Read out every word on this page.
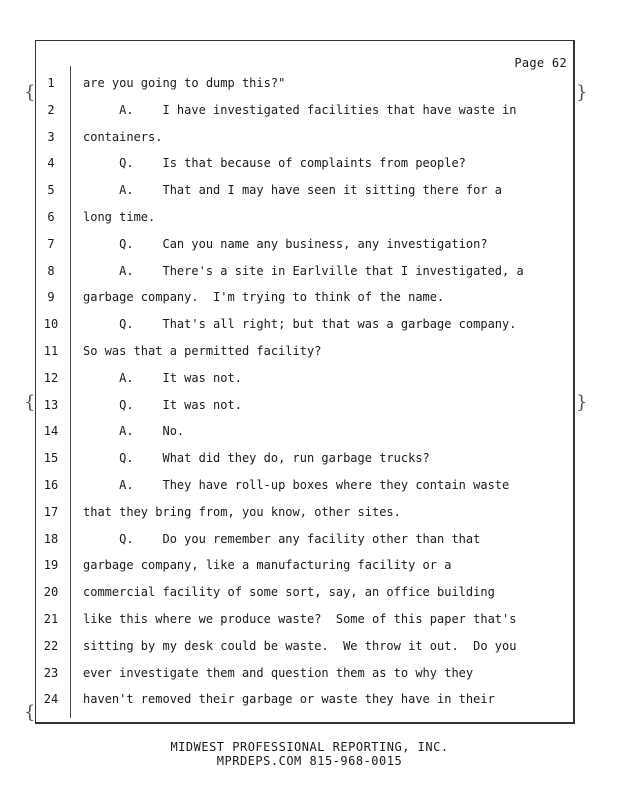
Page 62
{
{
{
}
}
1	are you going to dump this?"
2	A.    I have investigated facilities that have waste in
3	containers.
4	Q.    Is that because of complaints from people?
5	A.    That and I may have seen it sitting there for a
6	long time.
7	Q.    Can you name any business, any investigation?
8	A.    There's a site in Earlville that I investigated, a
9	garbage company.  I'm trying to think of the name.
10	Q.    That's all right; but that was a garbage company.
11	So was that a permitted facility?
12	A.    It was not.
13	Q.    It was not.
14	A.    No.
15	Q.    What did they do, run garbage trucks?
16	A.    They have roll-up boxes where they contain waste
17	that they bring from, you know, other sites.
18	Q.    Do you remember any facility other than that
19	garbage company, like a manufacturing facility or a
20	commercial facility of some sort, say, an office building
21	like this where we produce waste?  Some of this paper that's
22	sitting by my desk could be waste.  We throw it out.  Do you
23	ever investigate them and question them as to why they
24	haven't removed their garbage or waste they have in their
MIDWEST PROFESSIONAL REPORTING, INC.
MPRDEPS.COM 815-968-0015
